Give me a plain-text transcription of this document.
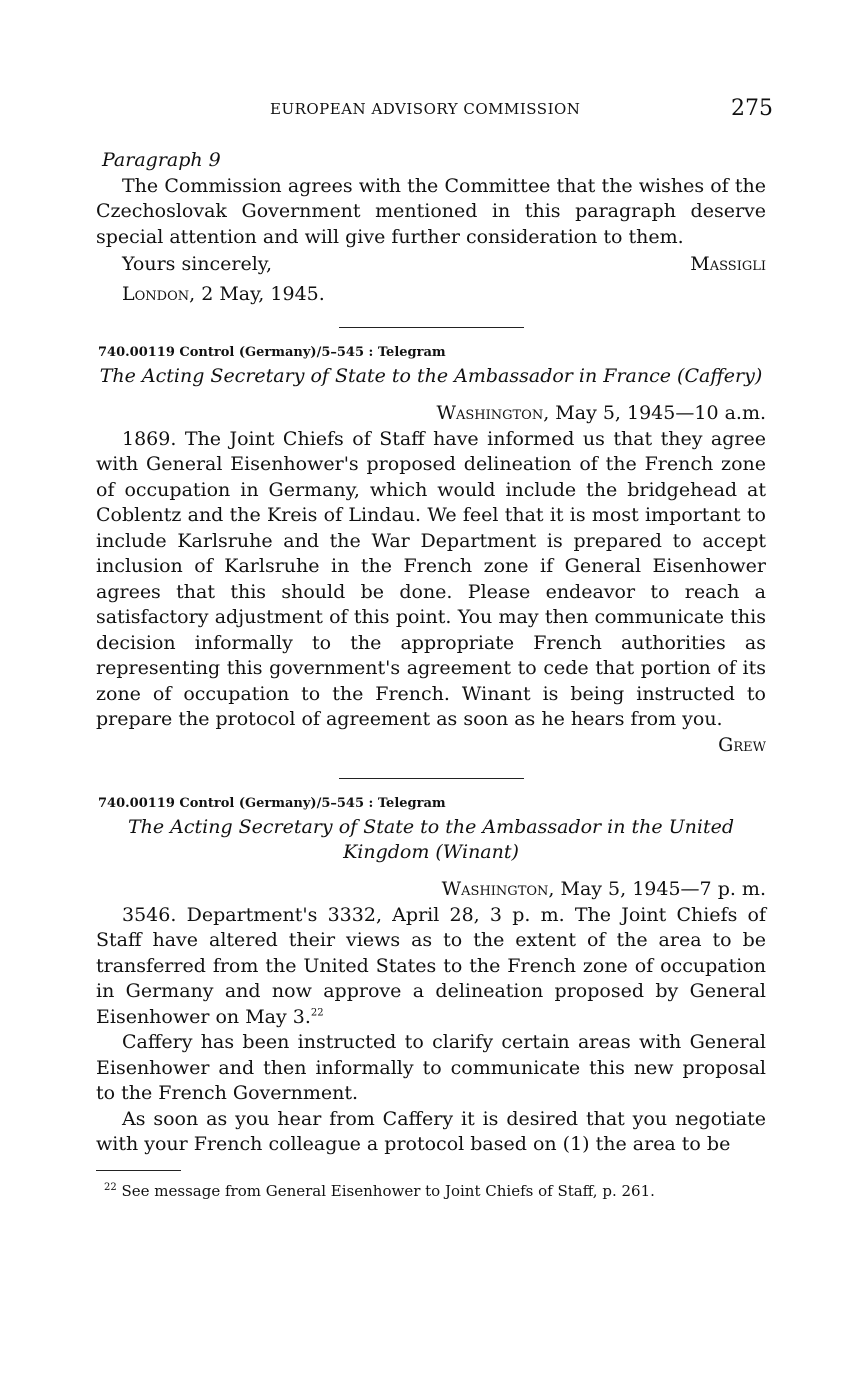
EUROPEAN ADVISORY COMMISSION	275
Paragraph 9

The Commission agrees with the Committee that the wishes of the Czechoslovak Government mentioned in this paragraph deserve special attention and will give further consideration to them.

Yours sincerely,	Massigli
London, 2 May, 1945.
740.00119 Control (Germany)/5–545 : Telegram
The Acting Secretary of State to the Ambassador in France (Caffery)
Washington, May 5, 1945—10 a.m.

1869. The Joint Chiefs of Staff have informed us that they agree with General Eisenhower's proposed delineation of the French zone of occupation in Germany, which would include the bridgehead at Coblentz and the Kreis of Lindau. We feel that it is most important to include Karlsruhe and the War Department is prepared to accept inclusion of Karlsruhe in the French zone if General Eisenhower agrees that this should be done. Please endeavor to reach a satisfactory adjustment of this point. You may then communicate this decision informally to the appropriate French authorities as representing this government's agreement to cede that portion of its zone of occupation to the French. Winant is being instructed to prepare the protocol of agreement as soon as he hears from you.

Grew
740.00119 Control (Germany)/5–545 : Telegram
The Acting Secretary of State to the Ambassador in the United
Kingdom (Winant)
Washington, May 5, 1945—7 p. m.

3546. Department's 3332, April 28, 3 p. m. The Joint Chiefs of Staff have altered their views as to the extent of the area to be transferred from the United States to the French zone of occupation in Germany and now approve a delineation proposed by General Eisenhower on May 3.22

Caffery has been instructed to clarify certain areas with General Eisenhower and then informally to communicate this new proposal to the French Government.

As soon as you hear from Caffery it is desired that you negotiate with your French colleague a protocol based on (1) the area to be

$^{22}$ See message from General Eisenhower to Joint Chiefs of Staff, p. 261.
